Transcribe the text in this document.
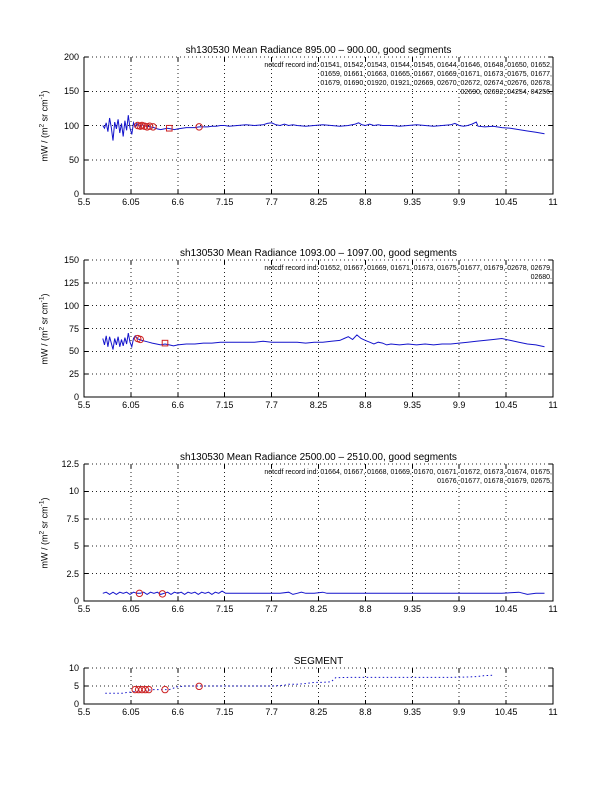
sh130530 Mean Radiance 895.00 – 900.00, good segments
mW / ($m^2$ sr $cm^{-1}$)
netcdf record ind: 01541, 01542, 01543, 01544, 01545, 01644, 01646, 01648, 01650, 01652,
01659, 01661, 01663, 01665, 01667, 01669, 01671, 01673, 01675, 01677,
01679, 01690, 01920, 01921, 02669, 02670, 02672, 02674, 02676, 02678,
02690, 02692, 04254, 04256,
5.5	6.05	6.6	7.15	7.7	8.25	8.8	9.35	9.9	10.45	11
0
50
100
150
200
sh130530 Mean Radiance 1093.00 – 1097.00, good segments
mW / ($m^2$ sr $cm^{-1}$)
netcdf record ind: 01652, 01667, 01669, 01671, 01673, 01675, 01677, 01679, 02678, 02679,
02680.
5.5	6.05	6.6	7.15	7.7	8.25	8.8	9.35	9.9	10.45	11
0
25
50
75
100
125
150
sh130530 Mean Radiance 2500.00 – 2510.00, good segments
mW / ($m^2$ sr $cm^{-1}$)
netcdf record ind: 01664, 01667, 01668, 01669, 01670, 01671, 01672, 01673, 01674, 01675,
01676, 01677, 01678, 01679, 02675,
5.5	6.05	6.6	7.15	7.7	8.25	8.8	9.35	9.9	10.45	11
0
2.5
5
7.5
10
12.5
SEGMENT
5.5	6.05	6.6	7.15	7.7	8.25	8.8	9.35	9.9	10.45	11
0
5
10
